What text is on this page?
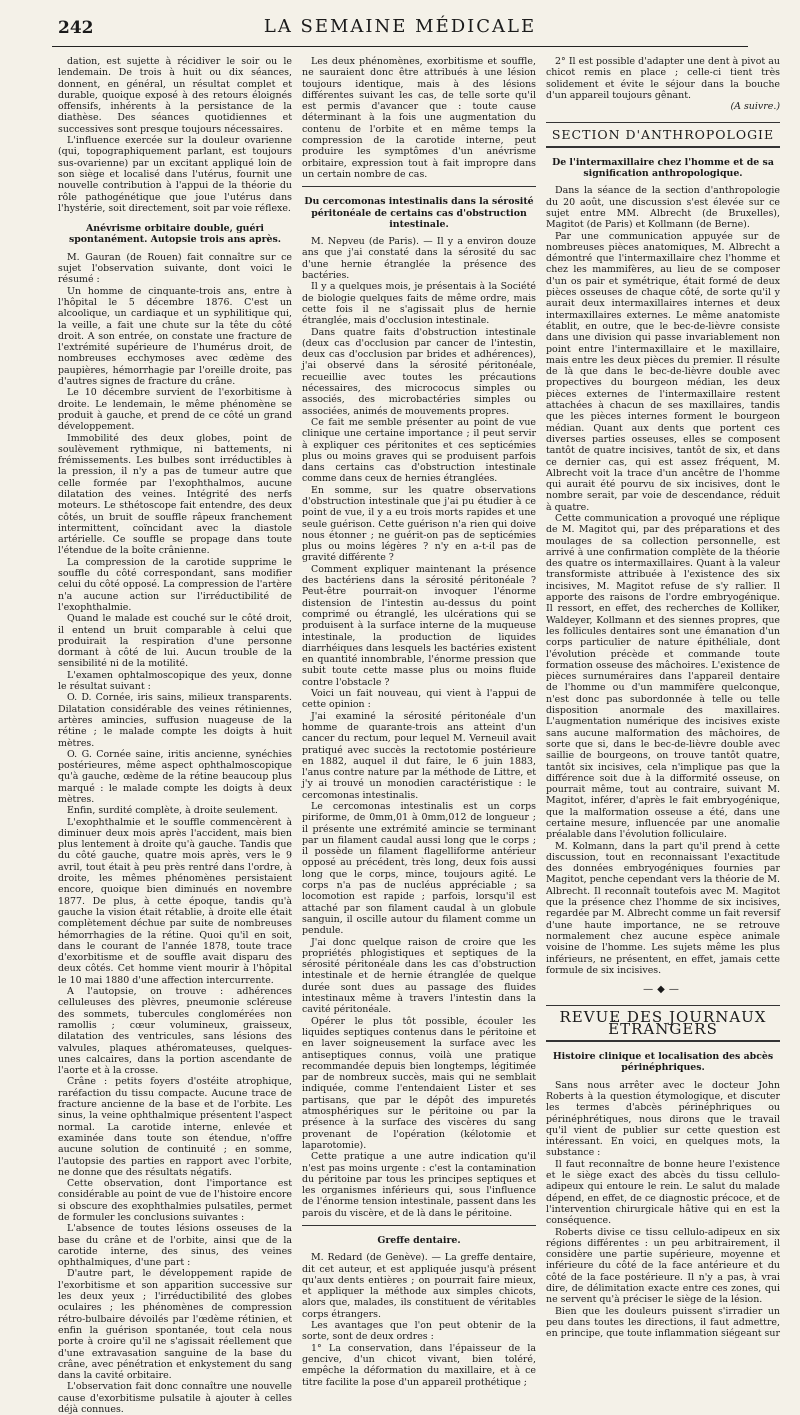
242	LA SEMAINE MÉDICALE

dation, est sujette à récidiver le soir ou le lendemain. De trois à huit ou dix séances, donnent, en général, un résultat complet et durable, quoique exposé à des retours éloignés offensifs, inhérents à la persistance de la diathèse. Des séances quotidiennes et successives sont presque toujours nécessaires.

L'influence exercée sur la douleur ovarienne (qui, topographiquement parlant, est toujours sus-ovarienne) par un excitant appliqué loin de son siège et localisé dans l'utérus, fournit une nouvelle contribution à l'appui de la théorie du rôle pathogénétique que joue l'utérus dans l'hystérie, soit directement, soit par voie réflexe.

Anévrisme orbitaire double, guéri spontanément. Autopsie trois ans après.

M. Gauran (de Rouen) fait connaître sur ce sujet l'observation suivante, dont voici le résumé :

Un homme de cinquante-trois ans, entre à l'hôpital le 5 décembre 1876. C'est un alcoolique, un cardiaque et un syphilitique qui, la veille, a fait une chute sur la tête du côté droit. A son entrée, on constate une fracture de l'extrémité supérieure de l'humérus droit, de nombreuses ecchymoses avec œdème des paupières, hémorrhagie par l'oreille droite, pas d'autres signes de fracture du crâne.

Le 10 décembre survient de l'exorbitisme à droite. Le lendemain, le même phénomène se produit à gauche, et prend de ce côté un grand développement.

Immobilité des deux globes, point de soulèvement rythmique, ni battements, ni frémissements. Les bulbes sont irréductibles à la pression, il n'y a pas de tumeur autre que celle formée par l'exophthalmos, aucune dilatation des veines. Intégrité des nerfs moteurs. Le sthétoscope fait entendre, des deux côtés, un bruit de souffle râpeux franchement intermittent, coïncidant avec la diastole artérielle. Ce souffle se propage dans toute l'étendue de la boîte crânienne.

La compression de la carotide supprime le souffle du côté correspondant, sans modifier celui du côté opposé. La compression de l'artère n'a aucune action sur l'irréductibilité de l'exophthalmie.

Quand le malade est couché sur le côté droit, il entend un bruit comparable à celui que produirait la respiration d'une personne dormant à côté de lui. Aucun trouble de la sensibilité ni de la motilité.

L'examen ophtalmoscopique des yeux, donne le résultat suivant :

O. D. Cornée, iris sains, milieux transparents. Dilatation considérable des veines rétiniennes, artères amincies, suffusion nuageuse de la rétine ; le malade compte les doigts à huit mètres.

O. G. Cornée saine, iritis ancienne, synéchies postérieures, même aspect ophthalmoscopique qu'à gauche, œdème de la rétine beaucoup plus marqué : le malade compte les doigts à deux mètres.

Enfin, surdité complète, à droite seulement.

L'exophthalmie et le souffle commencèrent à diminuer deux mois après l'accident, mais bien plus lentement à droite qu'à gauche. Tandis que du côté gauche, quatre mois après, vers le 9 avril, tout était à peu près rentré dans l'ordre, à droite, les mêmes phénomènes persistaient encore, quoique bien diminués en novembre 1877. De plus, à cette époque, tandis qu'à gauche la vision était rétablie, à droite elle était complètement déchue par suite de nombreuses hémorrhagies de la rétine. Quoi qu'il en soit, dans le courant de l'année 1878, toute trace d'exorbitisme et de souffle avait disparu des deux côtés. Cet homme vient mourir à l'hôpital le 10 mai 1880 d'une affection intercurrente.

A l'autopsie, on trouve : adhérences celluleuses des plèvres, pneumonie scléreuse des sommets, tubercules conglomérées non ramollis ; cœur volumineux, graisseux, dilatation des ventricules, sans lésions des valvules, plaques athéromateuses, quelques-unes calcaires, dans la portion ascendante de l'aorte et à la crosse.

Crâne : petits foyers d'ostéite atrophique, raréfaction du tissu compacte. Aucune trace de fracture ancienne de la base et de l'orbite. Les sinus, la veine ophthalmique présentent l'aspect normal. La carotide interne, enlevée et examinée dans toute son étendue, n'offre aucune solution de continuité ; en somme, l'autopsie des parties en rapport avec l'orbite, ne donne que des résultats négatifs.

Cette observation, dont l'importance est considérable au point de vue de l'histoire encore si obscure des exophthalmies pulsatiles, permet de formuler les conclusions suivantes :

L'absence de toutes lésions osseuses de la base du crâne et de l'orbite, ainsi que de la carotide interne, des sinus, des veines ophthalmiques, d'une part :

D'autre part, le développement rapide de l'exorbitisme et son apparition successive sur les deux yeux ; l'irréductibilité des globes oculaires ; les phénomènes de compression rétro-bulbaire dévoilés par l'œdème rétinien, et enfin la guérison spontanée, tout cela nous porte à croire qu'il ne s'agissait réellement que d'une extravasation sanguine de la base du crâne, avec pénétration et enkystement du sang dans la cavité orbitaire.

L'observation fait donc connaître une nouvelle cause d'exorbitisme pulsatile à ajouter à celles déjà connues.

Les deux phénomènes, exorbitisme et souffle, ne sauraient donc être attribués à une lésion toujours identique, mais à des lésions différentes suivant les cas, de telle sorte qu'il est permis d'avancer que : toute cause déterminant à la fois une augmentation du contenu de l'orbite et en même temps la compression de la carotide interne, peut produire les symptômes d'un anévrisme orbitaire, expression tout à fait impropre dans un certain nombre de cas.

Du cercomonas intestinalis dans la sérosité péritonéale de certains cas d'obstruction intestinale.

M. Nepveu (de Paris). — Il y a environ douze ans que j'ai constaté dans la sérosité du sac d'une hernie étranglée la présence des bactéries.

Il y a quelques mois, je présentais à la Société de biologie quelques faits de même ordre, mais cette fois il ne s'agissait plus de hernie étranglée, mais d'occlusion intestinale.

Dans quatre faits d'obstruction intestinale (deux cas d'occlusion par cancer de l'intestin, deux cas d'occlusion par brides et adhérences), j'ai observé dans la sérosité péritonéale, recueillie avec toutes les précautions nécessaires, des micrococus simples ou associés, des microbactéries simples ou associées, animés de mouvements propres.

Ce fait me semble présenter au point de vue clinique une certaine importance ; il peut servir à expliquer ces péritonites et ces septicémies plus ou moins graves qui se produisent parfois dans certains cas d'obstruction intestinale comme dans ceux de hernies étranglées.

En somme, sur les quatre observations d'obstruction intestinale que j'ai pu étudier à ce point de vue, il y a eu trois morts rapides et une seule guérison. Cette guérison n'a rien qui doive nous étonner ; ne guérit-on pas de septicémies plus ou moins légères ? n'y en a-t-il pas de gravité différente ?

Comment expliquer maintenant la présence des bactériens dans la sérosité péritonéale ? Peut-être pourrait-on invoquer l'énorme distension de l'intestin au-dessus du point comprimé ou étranglé, les ulcérations qui se produisent à la surface interne de la muqueuse intestinale, la production de liquides diarrhéiques dans lesquels les bactéries existent en quantité innombrable, l'énorme pression que subit toute cette masse plus ou moins fluide contre l'obstacle ?

Voici un fait nouveau, qui vient à l'appui de cette opinion :

J'ai examiné la sérosité péritonéale d'un homme de quarante-trois ans atteint d'un cancer du rectum, pour lequel M. Verneuil avait pratiqué avec succès la rectotomie postérieure en 1882, auquel il dut faire, le 6 juin 1883, l'anus contre nature par la méthode de Littre, et j'y ai trouvé un monodien caractéristique : le cercomonas intestinalis.

Le cercomonas intestinalis est un corps piriforme, de 0mm,01 à 0mm,012 de longueur ; il présente une extrémité amincie se terminant par un filament caudal aussi long que le corps ; il possède un filament flagelliforme antérieur opposé au précédent, très long, deux fois aussi long que le corps, mince, toujours agité. Le corps n'a pas de nucléus appréciable ; sa locomotion est rapide ; parfois, lorsqu'il est attaché par son filament caudal à un globule sanguin, il oscille autour du filament comme un pendule.

J'ai donc quelque raison de croire que les propriétés phlogistiques et septiques de la sérosité péritonéale dans les cas d'obstruction intestinale et de hernie étranglée de quelque durée sont dues au passage des fluides intestinaux même à travers l'intestin dans la cavité péritonéale.

Opérer le plus tôt possible, écouler les liquides septiques contenus dans le péritoine et en laver soigneusement la surface avec les antiseptiques connus, voilà une pratique recommandée depuis bien longtemps, légitimée par de nombreux succès, mais qui ne semblait indiquée, comme l'entendaient Lister et ses partisans, que par le dépôt des impuretés atmosphériques sur le péritoine ou par la présence à la surface des viscères du sang provenant de l'opération (kélotomie et laparotomie).

Cette pratique a une autre indication qu'il n'est pas moins urgente : c'est la contamination du péritoine par tous les principes septiques et les organismes inférieurs qui, sous l'influence de l'énorme tension intestinale, passent dans les parois du viscère, et de là dans le péritoine.

Greffe dentaire.

M. Redard (de Genève). — La greffe dentaire, dit cet auteur, et est appliquée jusqu'à présent qu'aux dents entières ; on pourrait faire mieux, et appliquer la méthode aux simples chicots, alors que, malades, ils constituent de véritables corps étrangers.

Les avantages que l'on peut obtenir de la sorte, sont de deux ordres :

1° La conservation, dans l'épaisseur de la gencive, d'un chicot vivant, bien toléré, empêche la déformation du maxillaire, et à ce titre facilite la pose d'un appareil prothétique ;

2° Il est possible d'adapter une dent à pivot au chicot remis en place ; celle-ci tient très solidement et évite le séjour dans la bouche d'un appareil toujours gênant.

(A suivre.)

SECTION D'ANTHROPOLOGIE
De l'intermaxillaire chez l'homme et de sa signification anthropologique.

Dans la séance de la section d'anthropologie du 20 août, une discussion s'est élevée sur ce sujet entre MM. Albrecht (de Bruxelles), Magitot (de Paris) et Kollmann (de Berne).

Par une communication appuyée sur de nombreuses pièces anatomiques, M. Albrecht a démontré que l'intermaxillaire chez l'homme et chez les mammifères, au lieu de se composer d'un os pair et symétrique, était formé de deux pièces osseuses de chaque côté, de sorte qu'il y aurait deux intermaxillaires internes et deux intermaxillaires externes. Le même anatomiste établit, en outre, que le bec-de-lièvre consiste dans une division qui passe invariablement non point entre l'intermaxillaire et le maxillaire, mais entre les deux pièces du premier. Il résulte de là que dans le bec-de-lièvre double avec propectives du bourgeon médian, les deux pièces externes de l'intermaxillaire restent attachées à chacun de ses maxillaires, tandis que les pièces internes forment le bourgeon médian. Quant aux dents que portent ces diverses parties osseuses, elles se composent tantôt de quatre incisives, tantôt de six, et dans ce dernier cas, qui est assez fréquent, M. Albrecht voit la trace d'un ancêtre de l'homme qui aurait été pourvu de six incisives, dont le nombre serait, par voie de descendance, réduit à quatre.

Cette communication a provoqué une réplique de M. Magitot qui, par des préparations et des moulages de sa collection personnelle, est arrivé à une confirmation complète de la théorie des quatre os intermaxillaires. Quant à la valeur transformiste attribuée à l'existence des six incisives, M. Magitot refuse de s'y rallier. Il apporte des raisons de l'ordre embryogénique. Il ressort, en effet, des recherches de Kolliker, Waldeyer, Kollmann et des siennes propres, que les follicules dentaires sont une émanation d'un corps particulier de nature épithéliale, dont l'évolution précède et commande toute formation osseuse des mâchoires. L'existence de pièces surnuméraires dans l'appareil dentaire de l'homme ou d'un mammifère quelconque, n'est donc pas subordonnée à telle ou telle disposition anormale des maxillaires. L'augmentation numérique des incisives existe sans aucune malformation des mâchoires, de sorte que si, dans le bec-de-lièvre double avec saillie de bourgeons, on trouve tantôt quatre, tantôt six incisives, cela n'implique pas que la différence soit due à la difformité osseuse, on pourrait même, tout au contraire, suivant M. Magitot, inférer, d'après le fait embryogénique, que la malformation osseuse a été, dans une certaine mesure, influencée par une anomalie préalable dans l'évolution folliculaire.

M. Kolmann, dans la part qu'il prend à cette discussion, tout en reconnaissant l'exactitude des données embryogéniques fournies par Magitot, penche cependant vers la théorie de M. Albrecht. Il reconnaît toutefois avec M. Magitot que la présence chez l'homme de six incisives, regardée par M. Albrecht comme un fait reversif d'une haute importance, ne se retrouve normalement chez aucune espèce animale voisine de l'homme. Les sujets même les plus inférieurs, ne présentent, en effet, jamais cette formule de six incisives.

—◆—
REVUE DES JOURNAUX ÉTRANGERS
Histoire clinique et localisation des abcès périnéphriques.

Sans nous arrêter avec le docteur John Roberts à la question étymologique, et discuter les termes d'abcès périnéphriques ou périnéphrétiques, nous dirons que le travail qu'il vient de publier sur cette question est intéressant. En voici, en quelques mots, la substance :

Il faut reconnaître de bonne heure l'existence et le siège exact des abcès du tissu cellulo-adipeux qui entoure le rein. Le salut du malade dépend, en effet, de ce diagnostic précoce, et de l'intervention chirurgicale hâtive qui en est la conséquence.

Roberts divise ce tissu cellulo-adipeux en six régions différentes : un peu arbitrairement, il considère une partie supérieure, moyenne et inférieure du côté de la face antérieure et du côté de la face postérieure. Il n'y a pas, à vrai dire, de délimitation exacte entre ces zones, qui ne servent qu'à préciser le siège de la lésion.

Bien que les douleurs puissent s'irradier un peu dans toutes les directions, il faut admettre, en principe, que toute inflammation siégeant sur
